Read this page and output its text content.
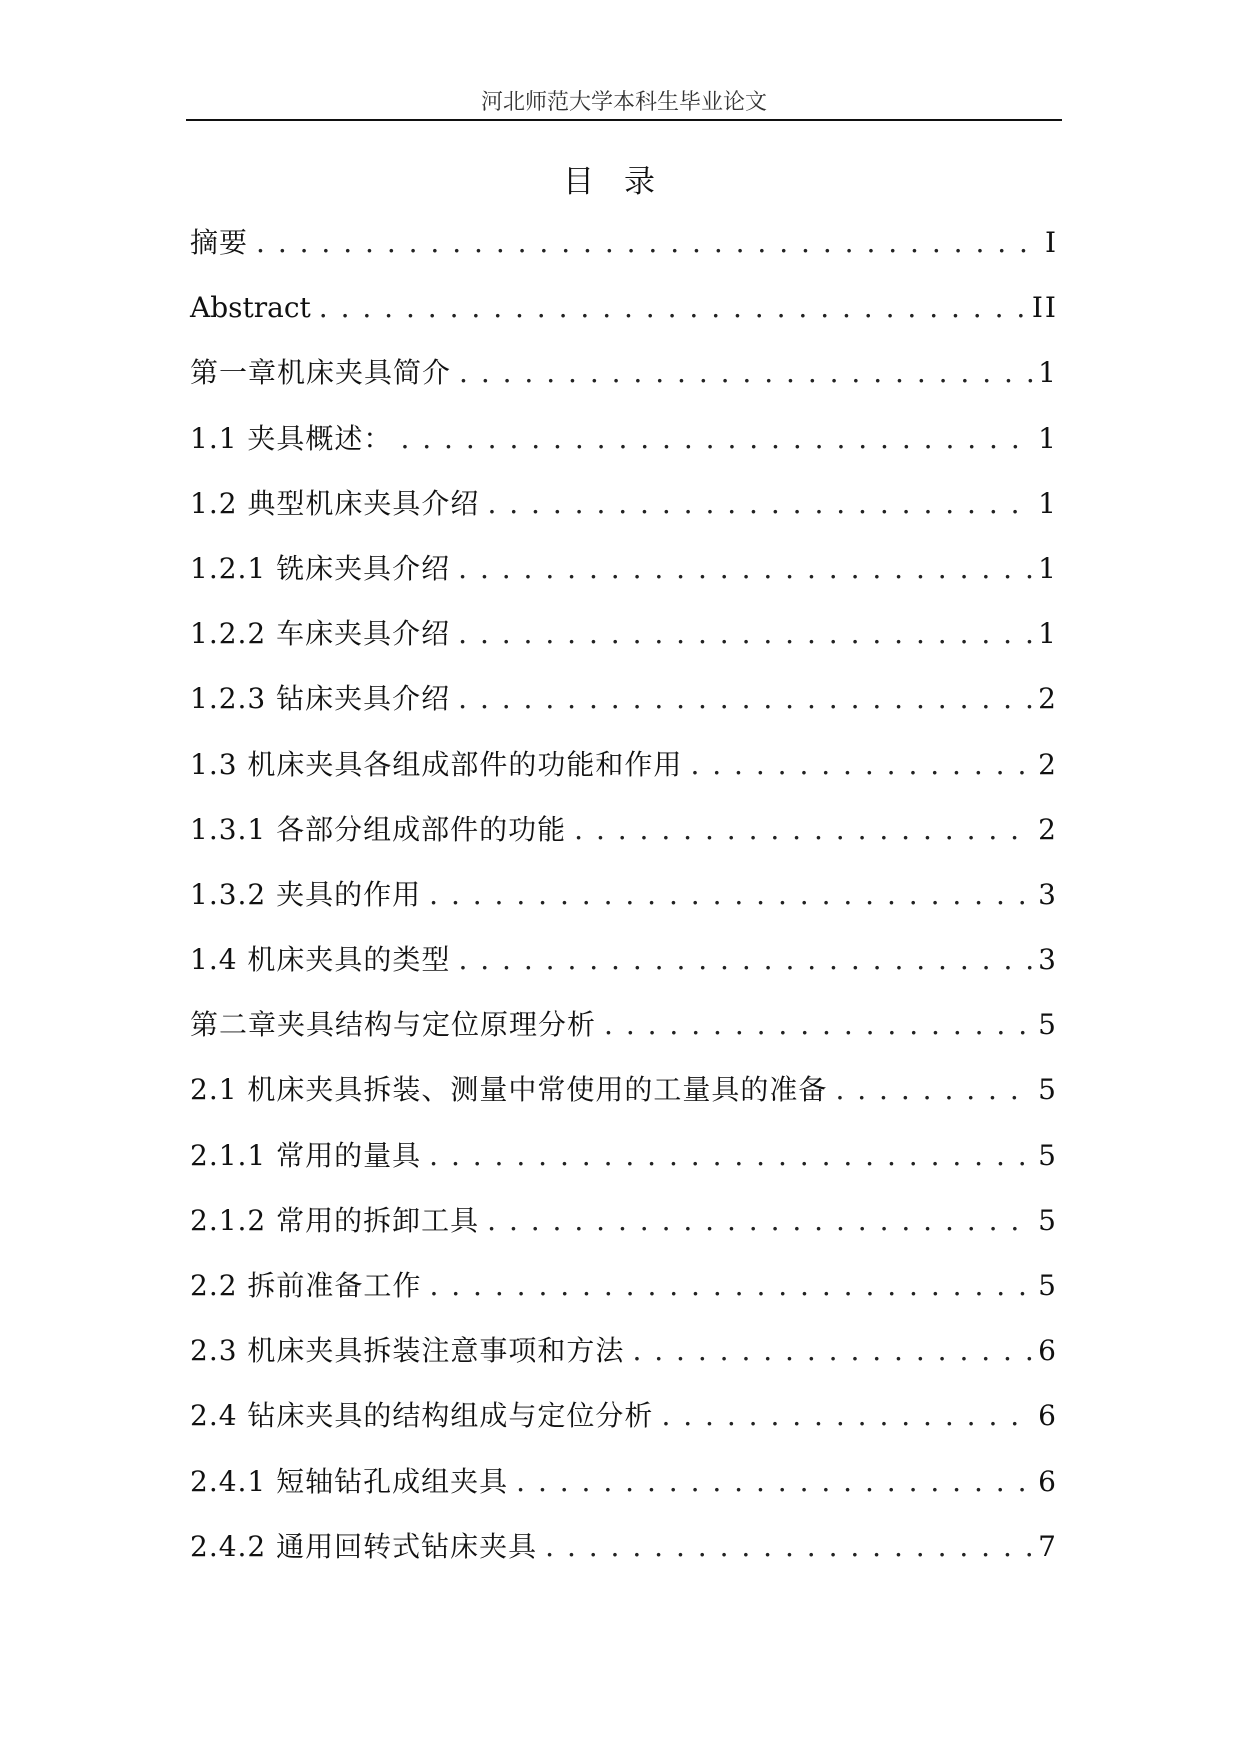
河北师范大学本科生毕业论文
目录
摘要 . . .	I
Abstract . . .	II
第一章机床夹具简介 . . .	1
1.1 夹具概述： . . .	1
1.2 典型机床夹具介绍 . . .	1
1.2.1 铣床夹具介绍 . . .	1
1.2.2 车床夹具介绍 . . .	1
1.2.3 钻床夹具介绍 . . .	2
1.3 机床夹具各组成部件的功能和作用 . . .	2
1.3.1 各部分组成部件的功能 . . .	2
1.3.2 夹具的作用 . . .	3
1.4 机床夹具的类型 . . .	3
第二章夹具结构与定位原理分析 . . .	5
2.1 机床夹具拆装、测量中常使用的工量具的准备 . . .	5
2.1.1 常用的量具 . . .	5
2.1.2 常用的拆卸工具 . . .	5
2.2 拆前准备工作 . . .	5
2.3 机床夹具拆装注意事项和方法 . . .	6
2.4 钻床夹具的结构组成与定位分析 . . .	6
2.4.1 短轴钻孔成组夹具 . . .	6
2.4.2 通用回转式钻床夹具 . . .	7
